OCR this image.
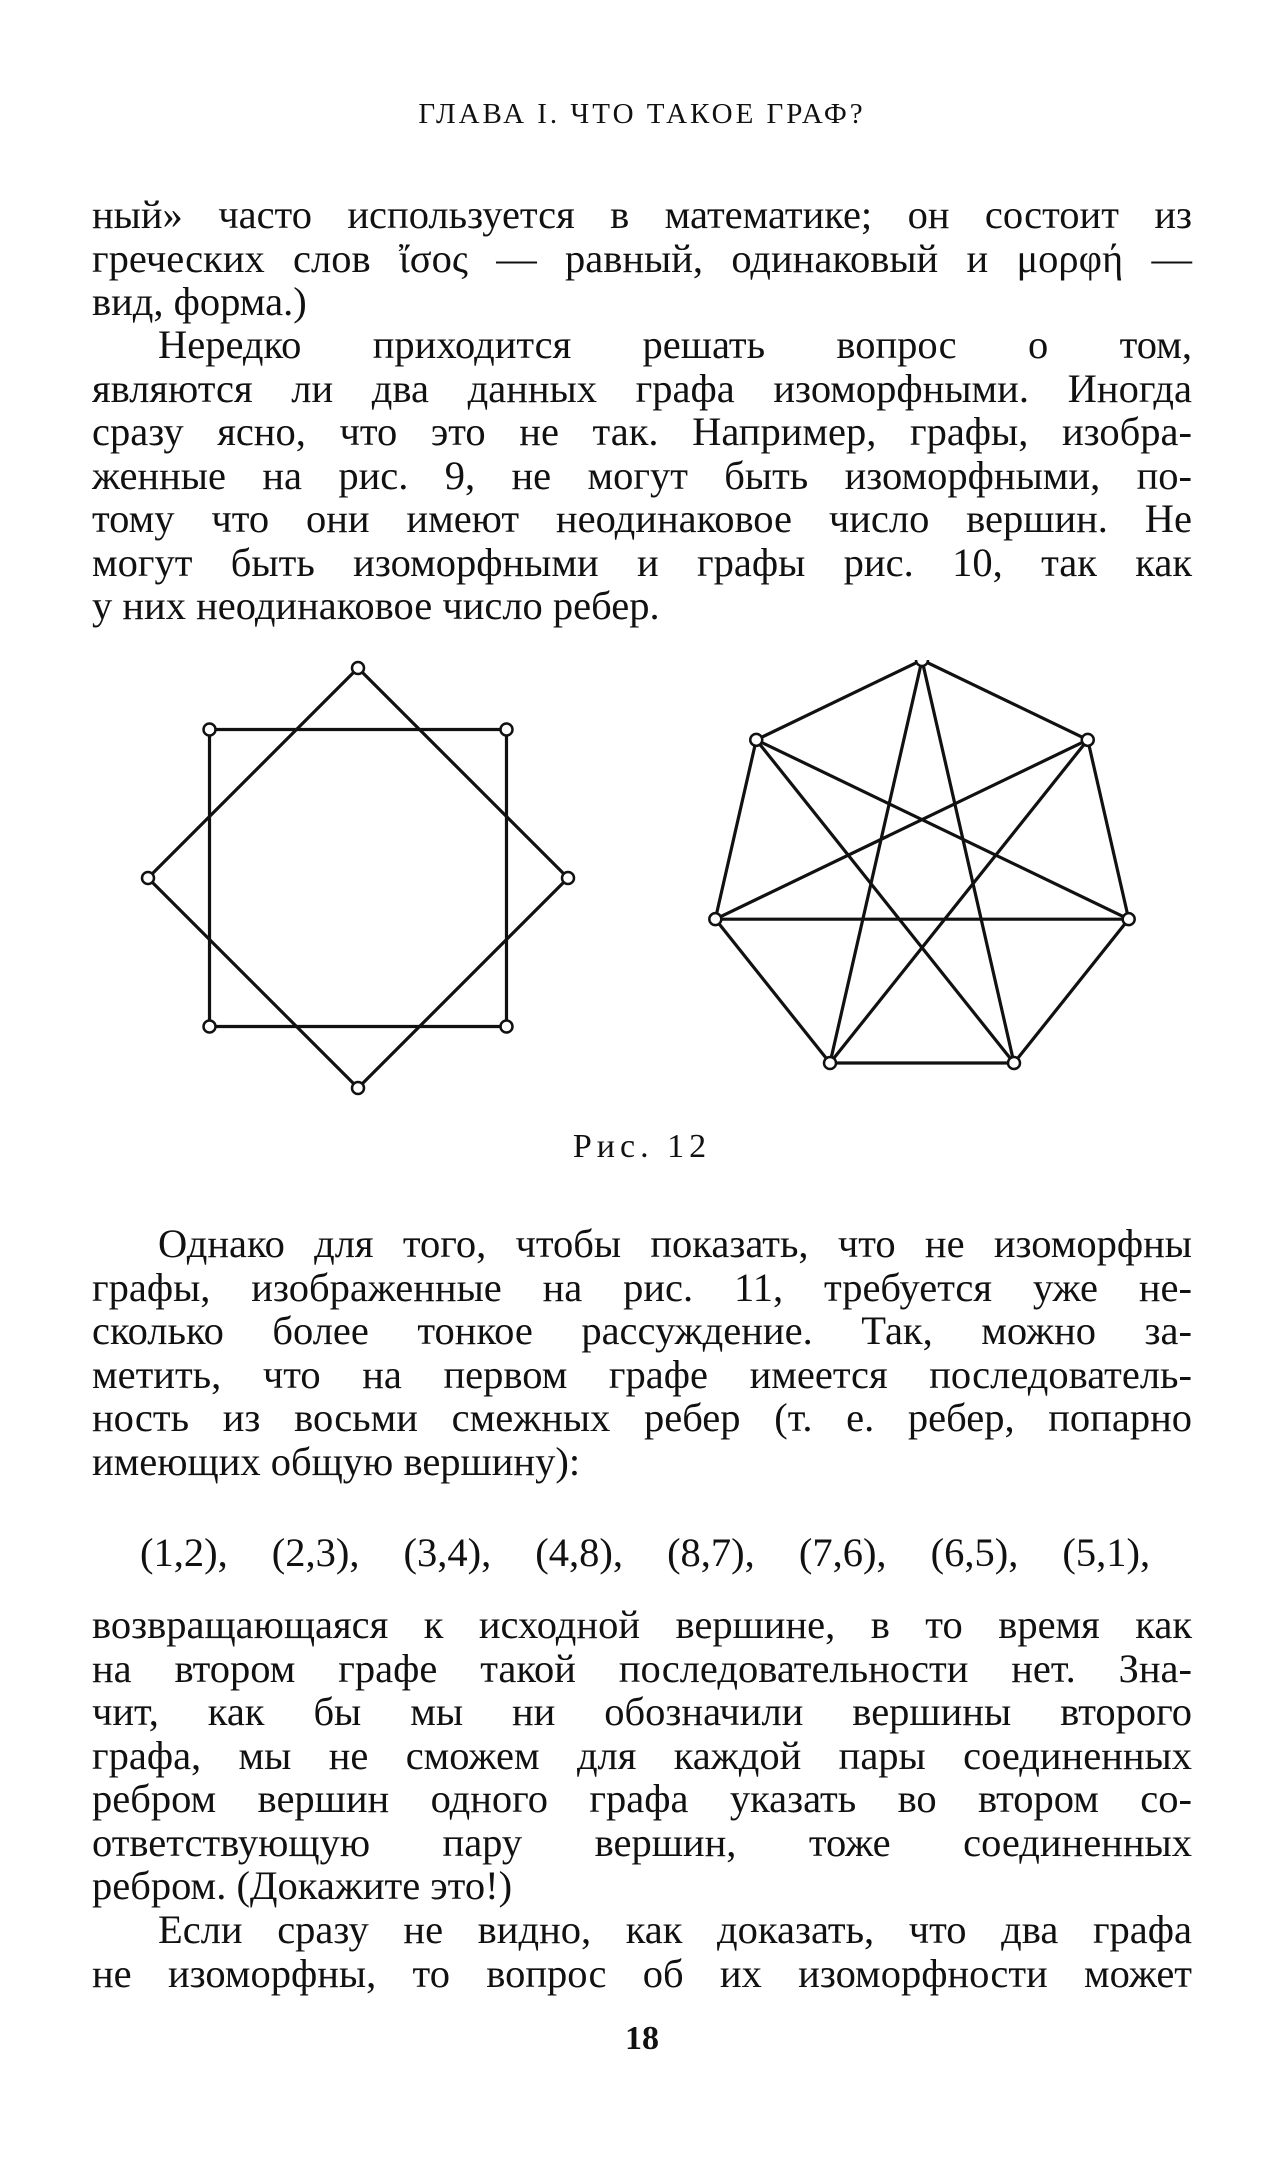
ГЛАВА I. ЧТО ТАКОЕ ГРАФ?
ный» часто используется в математике; он состоит из
греческих слов ἴσος — равный, одинаковый и μορφή —
вид, форма.)
Нередко приходится решать вопрос о том,
являются ли два данных графа изоморфными. Иногда
сразу ясно, что это не так. Например, графы, изобра-
женные на рис. 9, не могут быть изоморфными, по-
тому что они имеют неодинаковое число вершин. Не
могут быть изоморфными и графы рис. 10, так как
у них неодинаковое число ребер.
Рис. 12
Однако для того, чтобы показать, что не изоморфны
графы, изображенные на рис. 11, требуется уже не-
сколько более тонкое рассуждение. Так, можно за-
метить, что на первом графе имеется последователь-
ность из восьми смежных ребер (т. е. ребер, попарно
имеющих общую вершину):
(1,2), (2,3), (3,4), (4,8), (8,7), (7,6), (6,5), (5,1),
возвращающаяся к исходной вершине, в то время как
на втором графе такой последовательности нет. Зна-
чит, как бы мы ни обозначили вершины второго
графа, мы не сможем для каждой пары соединенных
ребром вершин одного графа указать во втором со-
ответствующую пару вершин, тоже соединенных
ребром. (Докажите это!)
Если сразу не видно, как доказать, что два графа
не изоморфны, то вопрос об их изоморфности может
18
